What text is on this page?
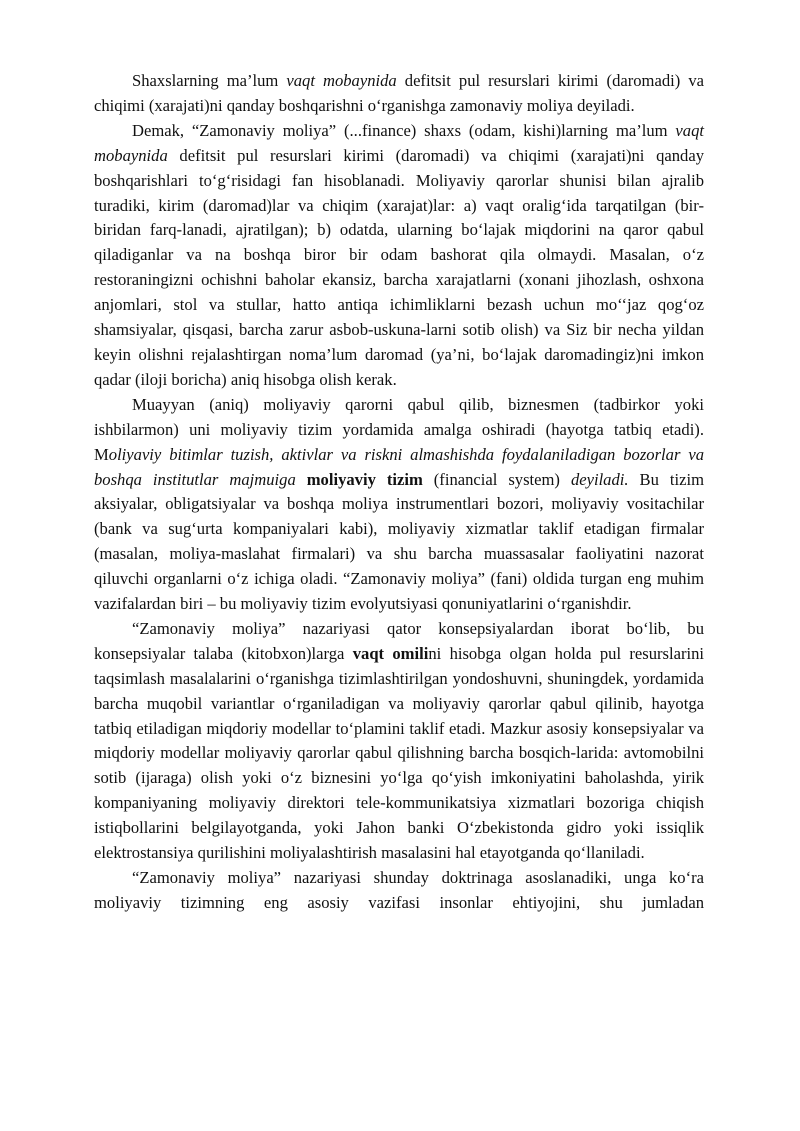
Shaxslarning ma’lum vaqt mobaynida defitsit pul resurslari kirimi (daromadi) va chiqimi (xarajati)ni qanday boshqarishni o‘rganishga zamonaviy moliya deyiladi.

Demak, “Zamonaviy moliya” (...finance) shaxs (odam, kishi)larning ma’lum vaqt mobaynida defitsit pul resurslari kirimi (daromadi) va chiqimi (xarajati)ni qanday boshqarishlari to‘g‘risidagi fan hisoblanadi. Moliyaviy qarorlar shunisi bilan ajralib turadiki, kirim (daromad)lar va chiqim (xarajat)lar: a) vaqt oralig‘ida tarqatilgan (bir-biridan farq-lanadi, ajratilgan); b) odatda, ularning bo‘lajak miqdorini na qaror qabul qiladiganlar va na boshqa biror bir odam bashorat qila olmaydi. Masalan, o‘z restoraningizni ochishni baholar ekansiz, barcha xarajatlarni (xonani jihozlash, oshxona anjomlari, stol va stullar, hatto antiqa ichimliklarni bezash uchun mo‘‘jaz qog‘oz shamsiyalar, qisqasi, barcha zarur asbob-uskuna-larni sotib olish) va Siz bir necha yildan keyin olishni rejalashtirgan noma’lum daromad (ya’ni, bo‘lajak daromadingiz)ni imkon qadar (iloji boricha) aniq hisobga olish kerak.

Muayyan (aniq) moliyaviy qarorni qabul qilib, biznesmen (tadbirkor yoki ishbilarmon) uni moliyaviy tizim yordamida amalga oshiradi (hayotga tatbiq etadi). Moliyaviy bitimlar tuzish, aktivlar va riskni almashishda foydalaniladigan bozorlar va boshqa institutlar majmuiga moliyaviy tizim (financial system) deyiladi. Bu tizim aksiyalar, obligatsiyalar va boshqa moliya instrumentlari bozori, moliyaviy vositachilar (bank va sug‘urta kompaniyalari kabi), moliyaviy xizmatlar taklif etadigan firmalar (masalan, moliya-maslahat firmalari) va shu barcha muassasalar faoliyatini nazorat qiluvchi organlarni o‘z ichiga oladi. “Zamonaviy moliya” (fani) oldida turgan eng muhim vazifalardan biri – bu moliyaviy tizim evolyutsiyasi qonuniyatlarini o‘rganishdir.

“Zamonaviy moliya” nazariyasi qator konsepsiyalardan iborat bo‘lib, bu konsepsiyalar talaba (kitobxon)larga vaqt omilini hisobga olgan holda pul resurslarini taqsimlash masalalarini o‘rganishga tizimlashtirilgan yondoshuvni, shuningdek, yordamida barcha muqobil variantlar o‘rganiladigan va moliyaviy qarorlar qabul qilinib, hayotga tatbiq etiladigan miqdoriy modellar to‘plamini taklif etadi. Mazkur asosiy konsepsiyalar va miqdoriy modellar moliyaviy qarorlar qabul qilishning barcha bosqich-larida: avtomobilni sotib (ijaraga) olish yoki o‘z biznesini yo‘lga qo‘yish imkoniyatini baholashda, yirik kompaniyaning moliyaviy direktori tele-kommunikatsiya xizmatlari bozoriga chiqish istiqbollarini belgilayotganda, yoki Jahon banki O‘zbekistonda gidro yoki issiqlik elektrostansiya qurilishini moliyalashtirish masalasini hal etayotganda qo‘llaniladi.

“Zamonaviy moliya” nazariyasi shunday doktrinaga asoslanadiki, unga ko‘ra moliyaviy tizimning eng asosiy vazifasi insonlar ehtiyojini, shu jumladan
